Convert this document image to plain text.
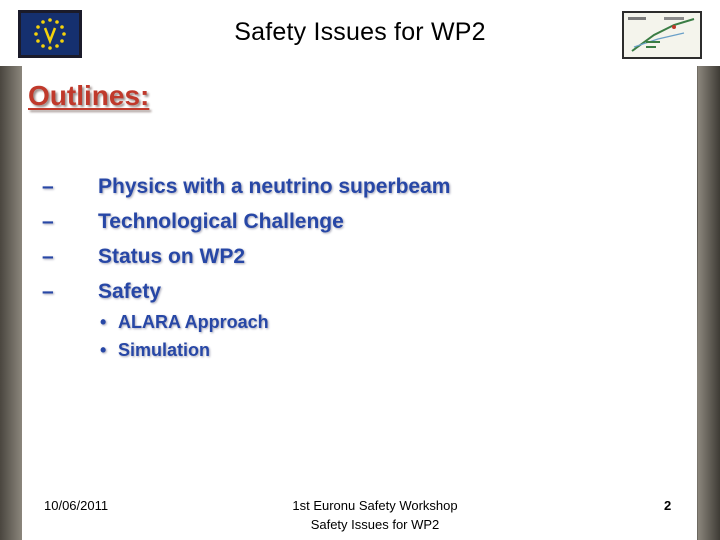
Safety Issues for WP2
Outlines:
– Physics with a neutrino superbeam
– Technological Challenge
– Status on WP2
– Safety
• ALARA Approach
• Simulation
10/06/2011	1st Euronu Safety Workshop
Safety Issues for WP2
2
